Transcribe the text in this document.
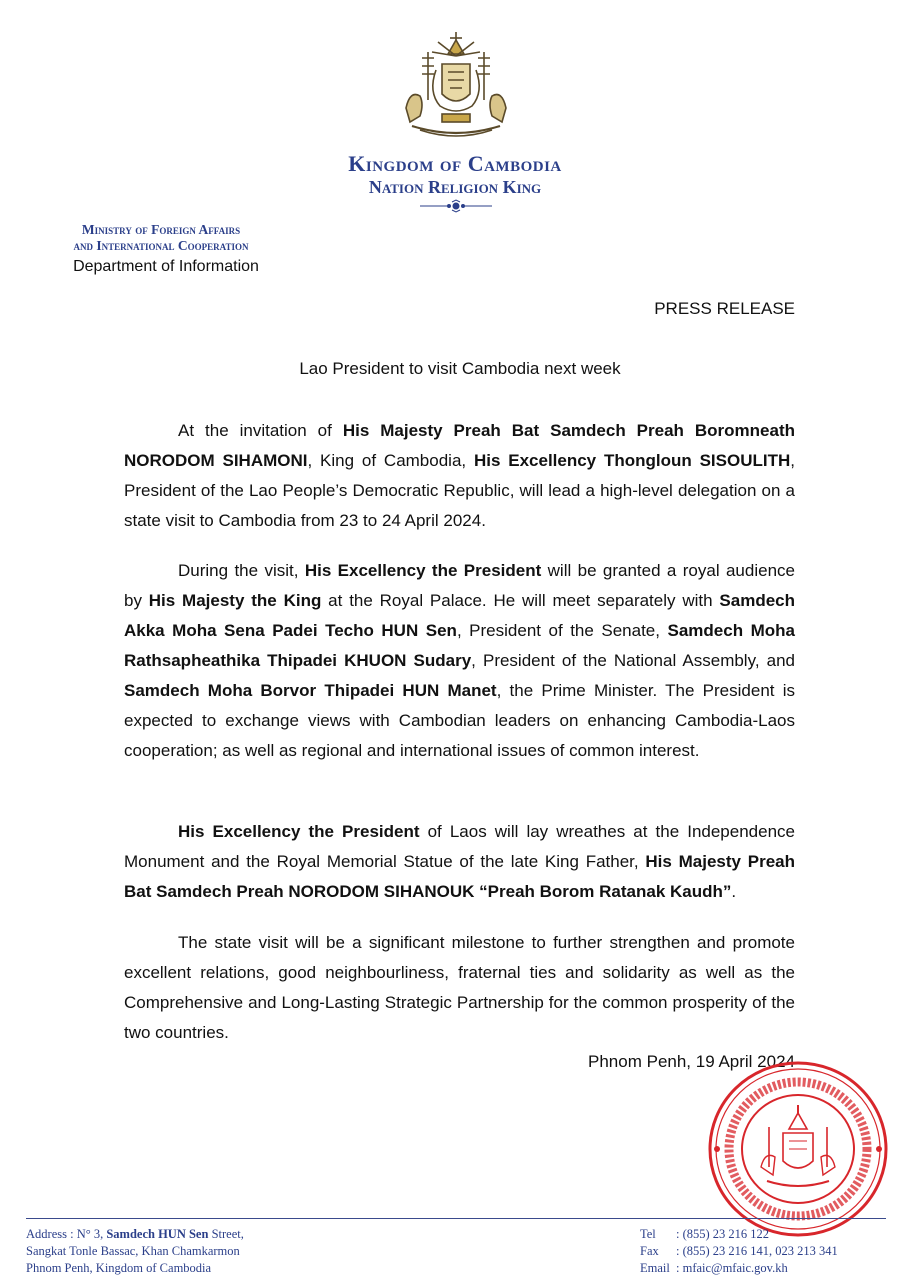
Kingdom of Cambodia
Nation Religion King
Ministry of Foreign Affairs
and International Cooperation
Department of Information
PRESS RELEASE
Lao President to visit Cambodia next week

At the invitation of His Majesty Preah Bat Samdech Preah Boromneath NORODOM SIHAMONI, King of Cambodia, His Excellency Thongloun SISOULITH, President of the Lao People’s Democratic Republic, will lead a high-level delegation on a state visit to Cambodia from 23 to 24 April 2024.

During the visit, His Excellency the President will be granted a royal audience by His Majesty the King at the Royal Palace. He will meet separately with Samdech Akka Moha Sena Padei Techo HUN Sen, President of the Senate, Samdech Moha Rathsapheathika Thipadei KHUON Sudary, President of the National Assembly, and Samdech Moha Borvor Thipadei HUN Manet, the Prime Minister. The President is expected to exchange views with Cambodian leaders on enhancing Cambodia-Laos cooperation; as well as regional and international issues of common interest.

His Excellency the President of Laos will lay wreathes at the Independence Monument and the Royal Memorial Statue of the late King Father, His Majesty Preah Bat Samdech Preah NORODOM SIHANOUK “Preah Borom Ratanak Kaudh”.

The state visit will be a significant milestone to further strengthen and promote excellent relations, good neighbourliness, fraternal ties and solidarity as well as the Comprehensive and Long-Lasting Strategic Partnership for the common prosperity of the two countries.

Phnom Penh, 19 April 2024
Address : N° 3, Samdech HUN Sen Street,
Sangkat Tonle Bassac, Khan Chamkarmon
Phnom Penh, Kingdom of Cambodia
Tel : (855) 23 216 122
Fax : (855) 23 216 141, 023 213 341
Email : mfaic@mfaic.gov.kh
